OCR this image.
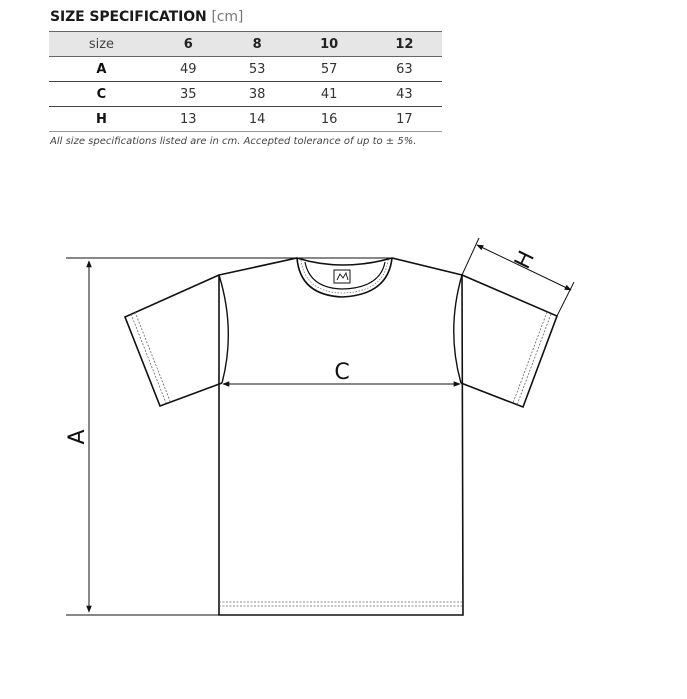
SIZE SPECIFICATION [cm]
size	6	8	10	12
A	49	53	57	63
C	35	38	41	43
H	13	14	16	17
All size specifications listed are in cm. Accepted tolerance of up to ± 5%.
A
C
H
